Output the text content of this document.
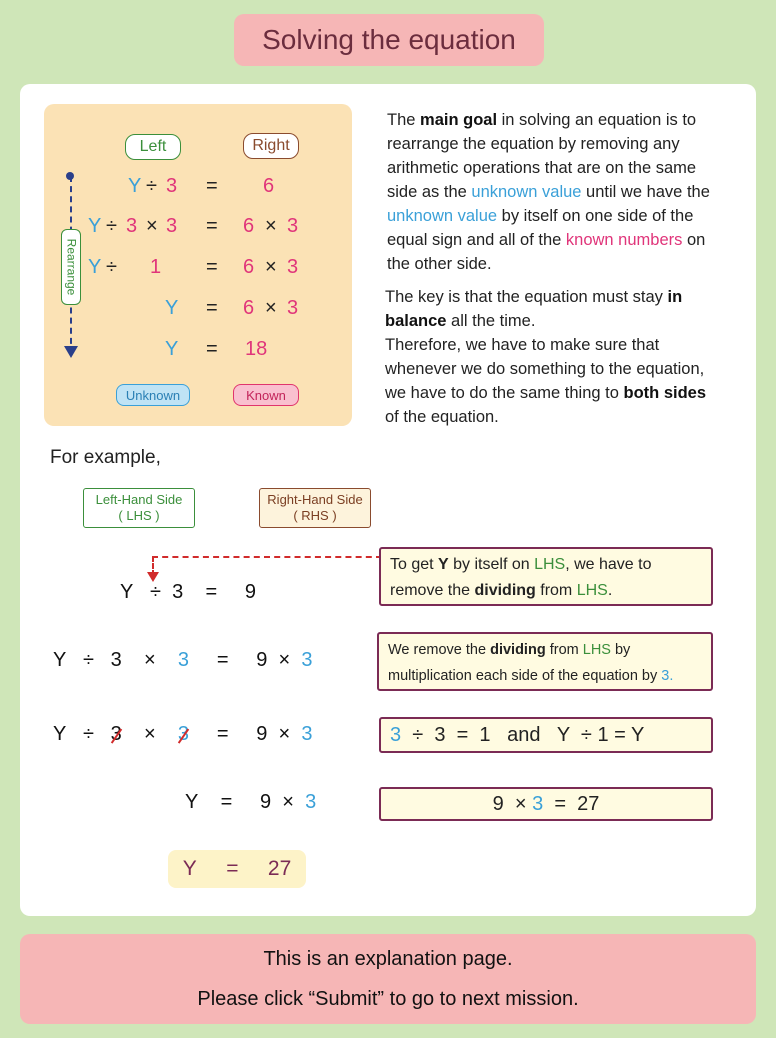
Solving the equation
Left	Right
Rearrange
Y ÷ 3 = 6
Y ÷ 3 × 3 = 6 × 3
Y ÷ 1 = 6 × 3
Y = 6 × 3
Y = 18
Unknown	Known
The main goal in solving an equation is to rearrange the equation by removing any arithmetic operations that are on the same side as the unknown value until we have the unknown value by itself on one side of the equal sign and all of the known numbers on the other side.
The key is that the equation must stay in balance all the time.
Therefore, we have to make sure that whenever we do something to the equation, we have to do the same thing to both sides of the equation.
For example,
Left-Hand Side
( LHS )
Right-Hand Side
( RHS )
Y   ÷  3    =     9
Y   ÷   3    ×    3     =     9  ×  3
Y   ÷   3    ×    3     =     9  ×  3
Y    =     9  ×  3
To get Y by itself on LHS, we have to remove the dividing from LHS.
We remove the dividing from LHS by multiplication each side of the equation by 3.
3 ÷  3  =  1   and   Y  ÷ 1 = Y
9  × 3 =  27
Y = 27
This is an explanation page.
Please click “Submit” to go to next mission.
